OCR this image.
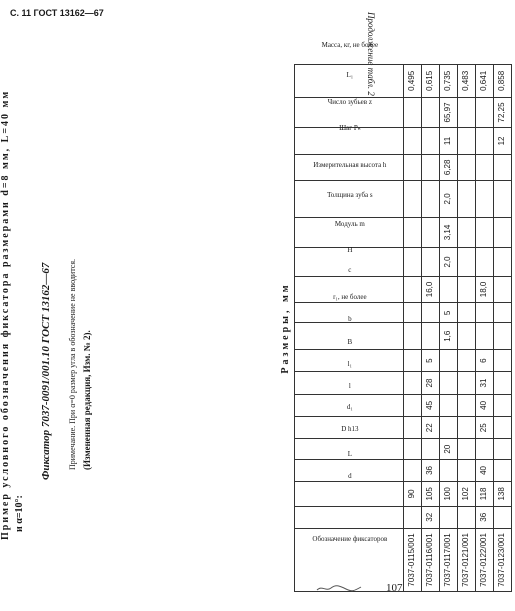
С. 11 ГОСТ 13162—67	Продолжение табл. 2
Размеры, мм
Обозначение фиксаторов	d	L	D h13	d₁	l	l₁	B	b	r₁, не более	c	H	Модуль m	Толщина зуба s	Измерительная высота h	Шаг Pₙ	Число зубьев z	L₁	Масса, кг, не более
7037-0115/001		90																0,495
7037-0116/001	32	105	36		22	45	28	5			16,0							0,615
7037-0117/001		100		20					1,6	5		2,0	3,14	2,0	6,28	11	65,97	0,735
7037-0121/001		102																0,483
7037-0122/001	36	118	40		25	40	31	6			18,0							0,641
7037-0123/001		138														12	72,25	0,858
Пример условного обозначения фиксатора размерами d=8 мм, L=40 мм и α=10°:
Фиксатор 7037-0091/001.10 ГОСТ 13162—67 Примечание. При α=0 размер угла в обозначение не вводится. (Измененная редакция, Изм. № 2).
107
